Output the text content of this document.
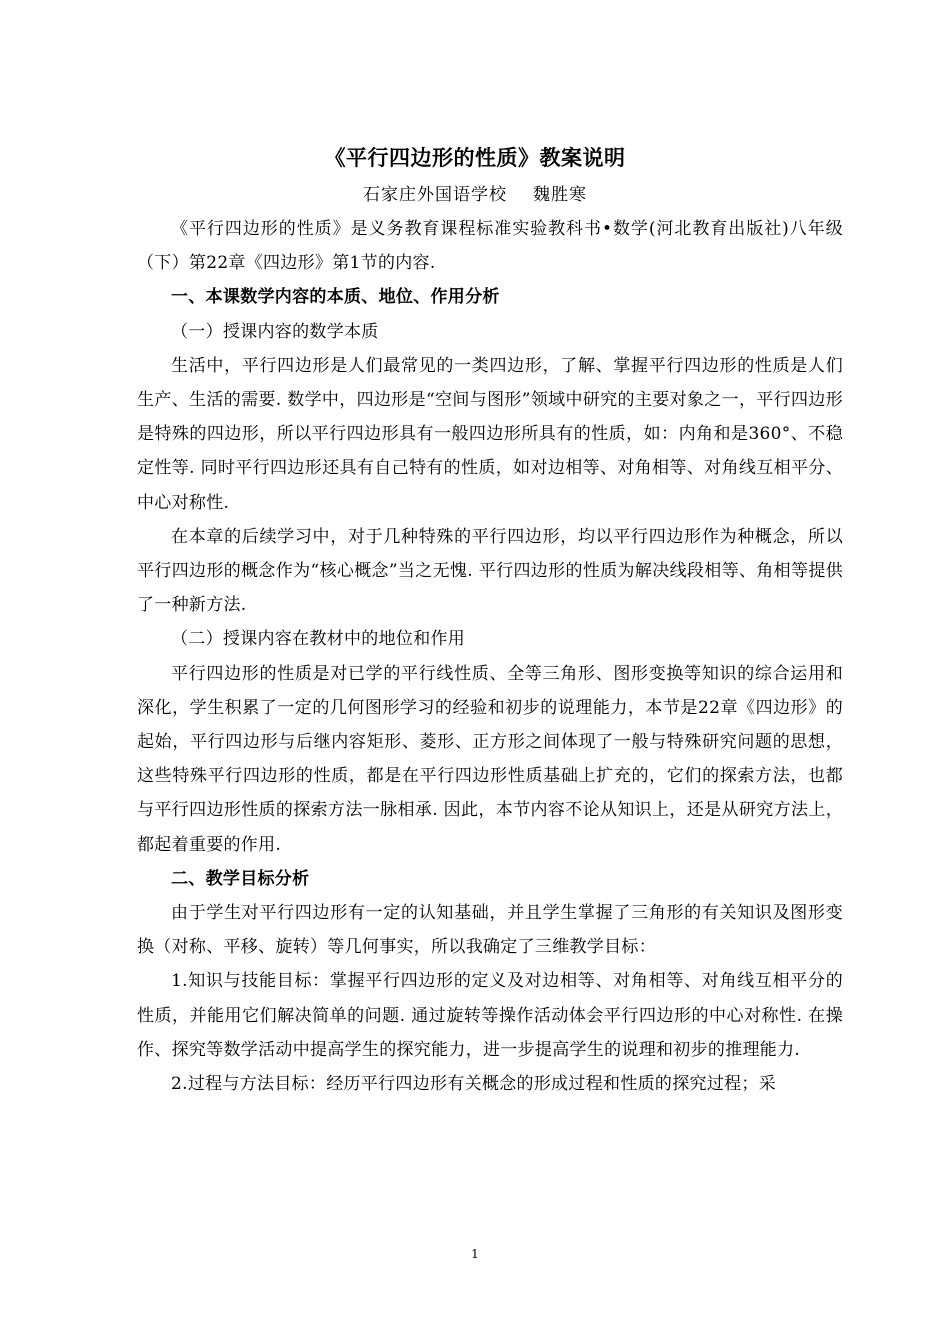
《平行四边形的性质》教案说明
石家庄外国语学校 魏胜寒

《平行四边形的性质》是义务教育课程标准实验教科书•数学(河北教育出版社)八年级（下）第22章《四边形》第1节的内容.

一、本课数学内容的本质、地位、作用分析

（一）授课内容的数学本质

生活中，平行四边形是人们最常见的一类四边形，了解、掌握平行四边形的性质是人们生产、生活的需要. 数学中，四边形是“空间与图形”领域中研究的主要对象之一，平行四边形是特殊的四边形，所以平行四边形具有一般四边形所具有的性质，如：内角和是360°、不稳定性等. 同时平行四边形还具有自己特有的性质，如对边相等、对角相等、对角线互相平分、中心对称性.

在本章的后续学习中，对于几种特殊的平行四边形，均以平行四边形作为种概念，所以平行四边形的概念作为“核心概念”当之无愧. 平行四边形的性质为解决线段相等、角相等提供了一种新方法.

（二）授课内容在教材中的地位和作用

平行四边形的性质是对已学的平行线性质、全等三角形、图形变换等知识的综合运用和深化，学生积累了一定的几何图形学习的经验和初步的说理能力，本节是22章《四边形》的起始，平行四边形与后继内容矩形、菱形、正方形之间体现了一般与特殊研究问题的思想，这些特殊平行四边形的性质，都是在平行四边形性质基础上扩充的，它们的探索方法，也都与平行四边形性质的探索方法一脉相承. 因此，本节内容不论从知识上，还是从研究方法上，都起着重要的作用.

二、教学目标分析

由于学生对平行四边形有一定的认知基础，并且学生掌握了三角形的有关知识及图形变换（对称、平移、旋转）等几何事实，所以我确定了三维教学目标：

1.知识与技能目标：掌握平行四边形的定义及对边相等、对角相等、对角线互相平分的性质，并能用它们解决简单的问题. 通过旋转等操作活动体会平行四边形的中心对称性. 在操作、探究等数学活动中提高学生的探究能力，进一步提高学生的说理和初步的推理能力.

2.过程与方法目标：经历平行四边形有关概念的形成过程和性质的探究过程；采

1
